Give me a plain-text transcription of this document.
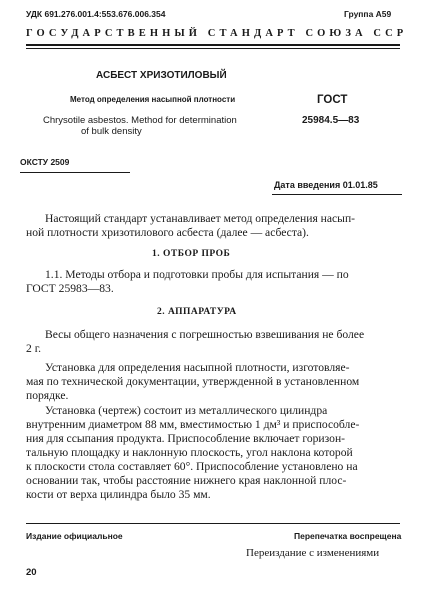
УДК 691.276.001.4:553.676.006.354	Группа А59
ГОСУДАРСТВЕННЫЙ СТАНДАРТ СОЮЗА ССР
АСБЕСТ ХРИЗОТИЛОВЫЙ
Метод определения насыпной плотности	ГОСТ
25984.5—83
Chrysotile asbestos. Method for determination
of bulk density
ОКСТУ 2509
Дата введения 01.01.85
Настоящий стандарт устанавливает метод определения насып-
ной плотности хризотилового асбеста (далее — асбеста).
1. ОТБОР ПРОБ
1.1. Методы отбора и подготовки пробы для испытания — по
ГОСТ 25983—83.
2. АППАРАТУРА
Весы общего назначения с погрешностью взвешивания не более
2 г.
Установка для определения насыпной плотности, изготовляе-
мая по технической документации, утвержденной в установленном
порядке.
Установка (чертеж) состоит из металлического цилиндра
внутренним диаметром 88 мм, вместимостью 1 дм³ и приспособле-
ния для ссыпания продукта. Приспособление включает горизон-
тальную площадку и наклонную плоскость, угол наклона которой
к плоскости стола составляет 60°. Приспособление установлено на
основании так, чтобы расстояние нижнего края наклонной плос-
кости от верха цилиндра было 35 мм.
Издание официальное	Перепечатка воспрещена
Переиздание с изменениями
20
